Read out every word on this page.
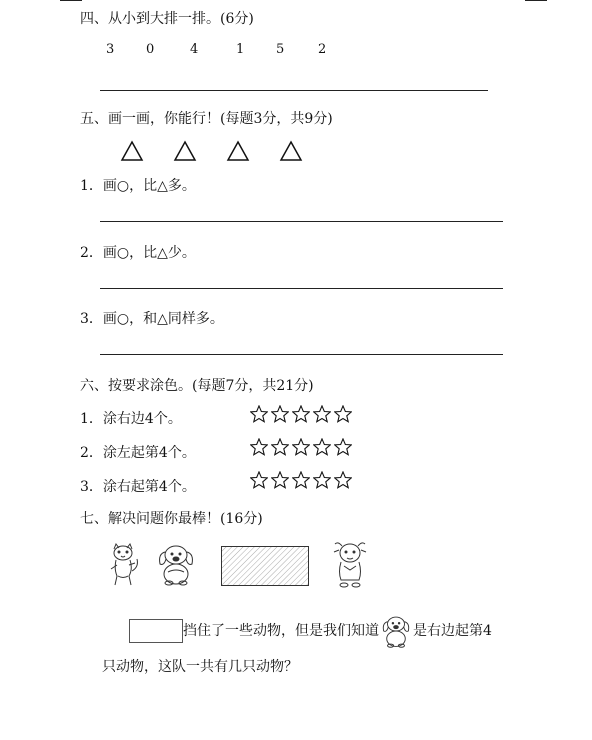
四、从小到大排一排。(6分)
3 0	4	1 5	2
五、画一画，你能行！(每题3分，共9分)
1．画○，比△多。
2．画○，比△少。
3．画○，和△同样多。
六、按要求涂色。(每题7分，共21分)
1．涂右边4个。
2．涂左起第4个。
3．涂右起第4个。
七、解决问题你最棒！(16分)
挡住了一些动物，但是我们知道 是右边起第4
只动物，这队一共有几只动物？
